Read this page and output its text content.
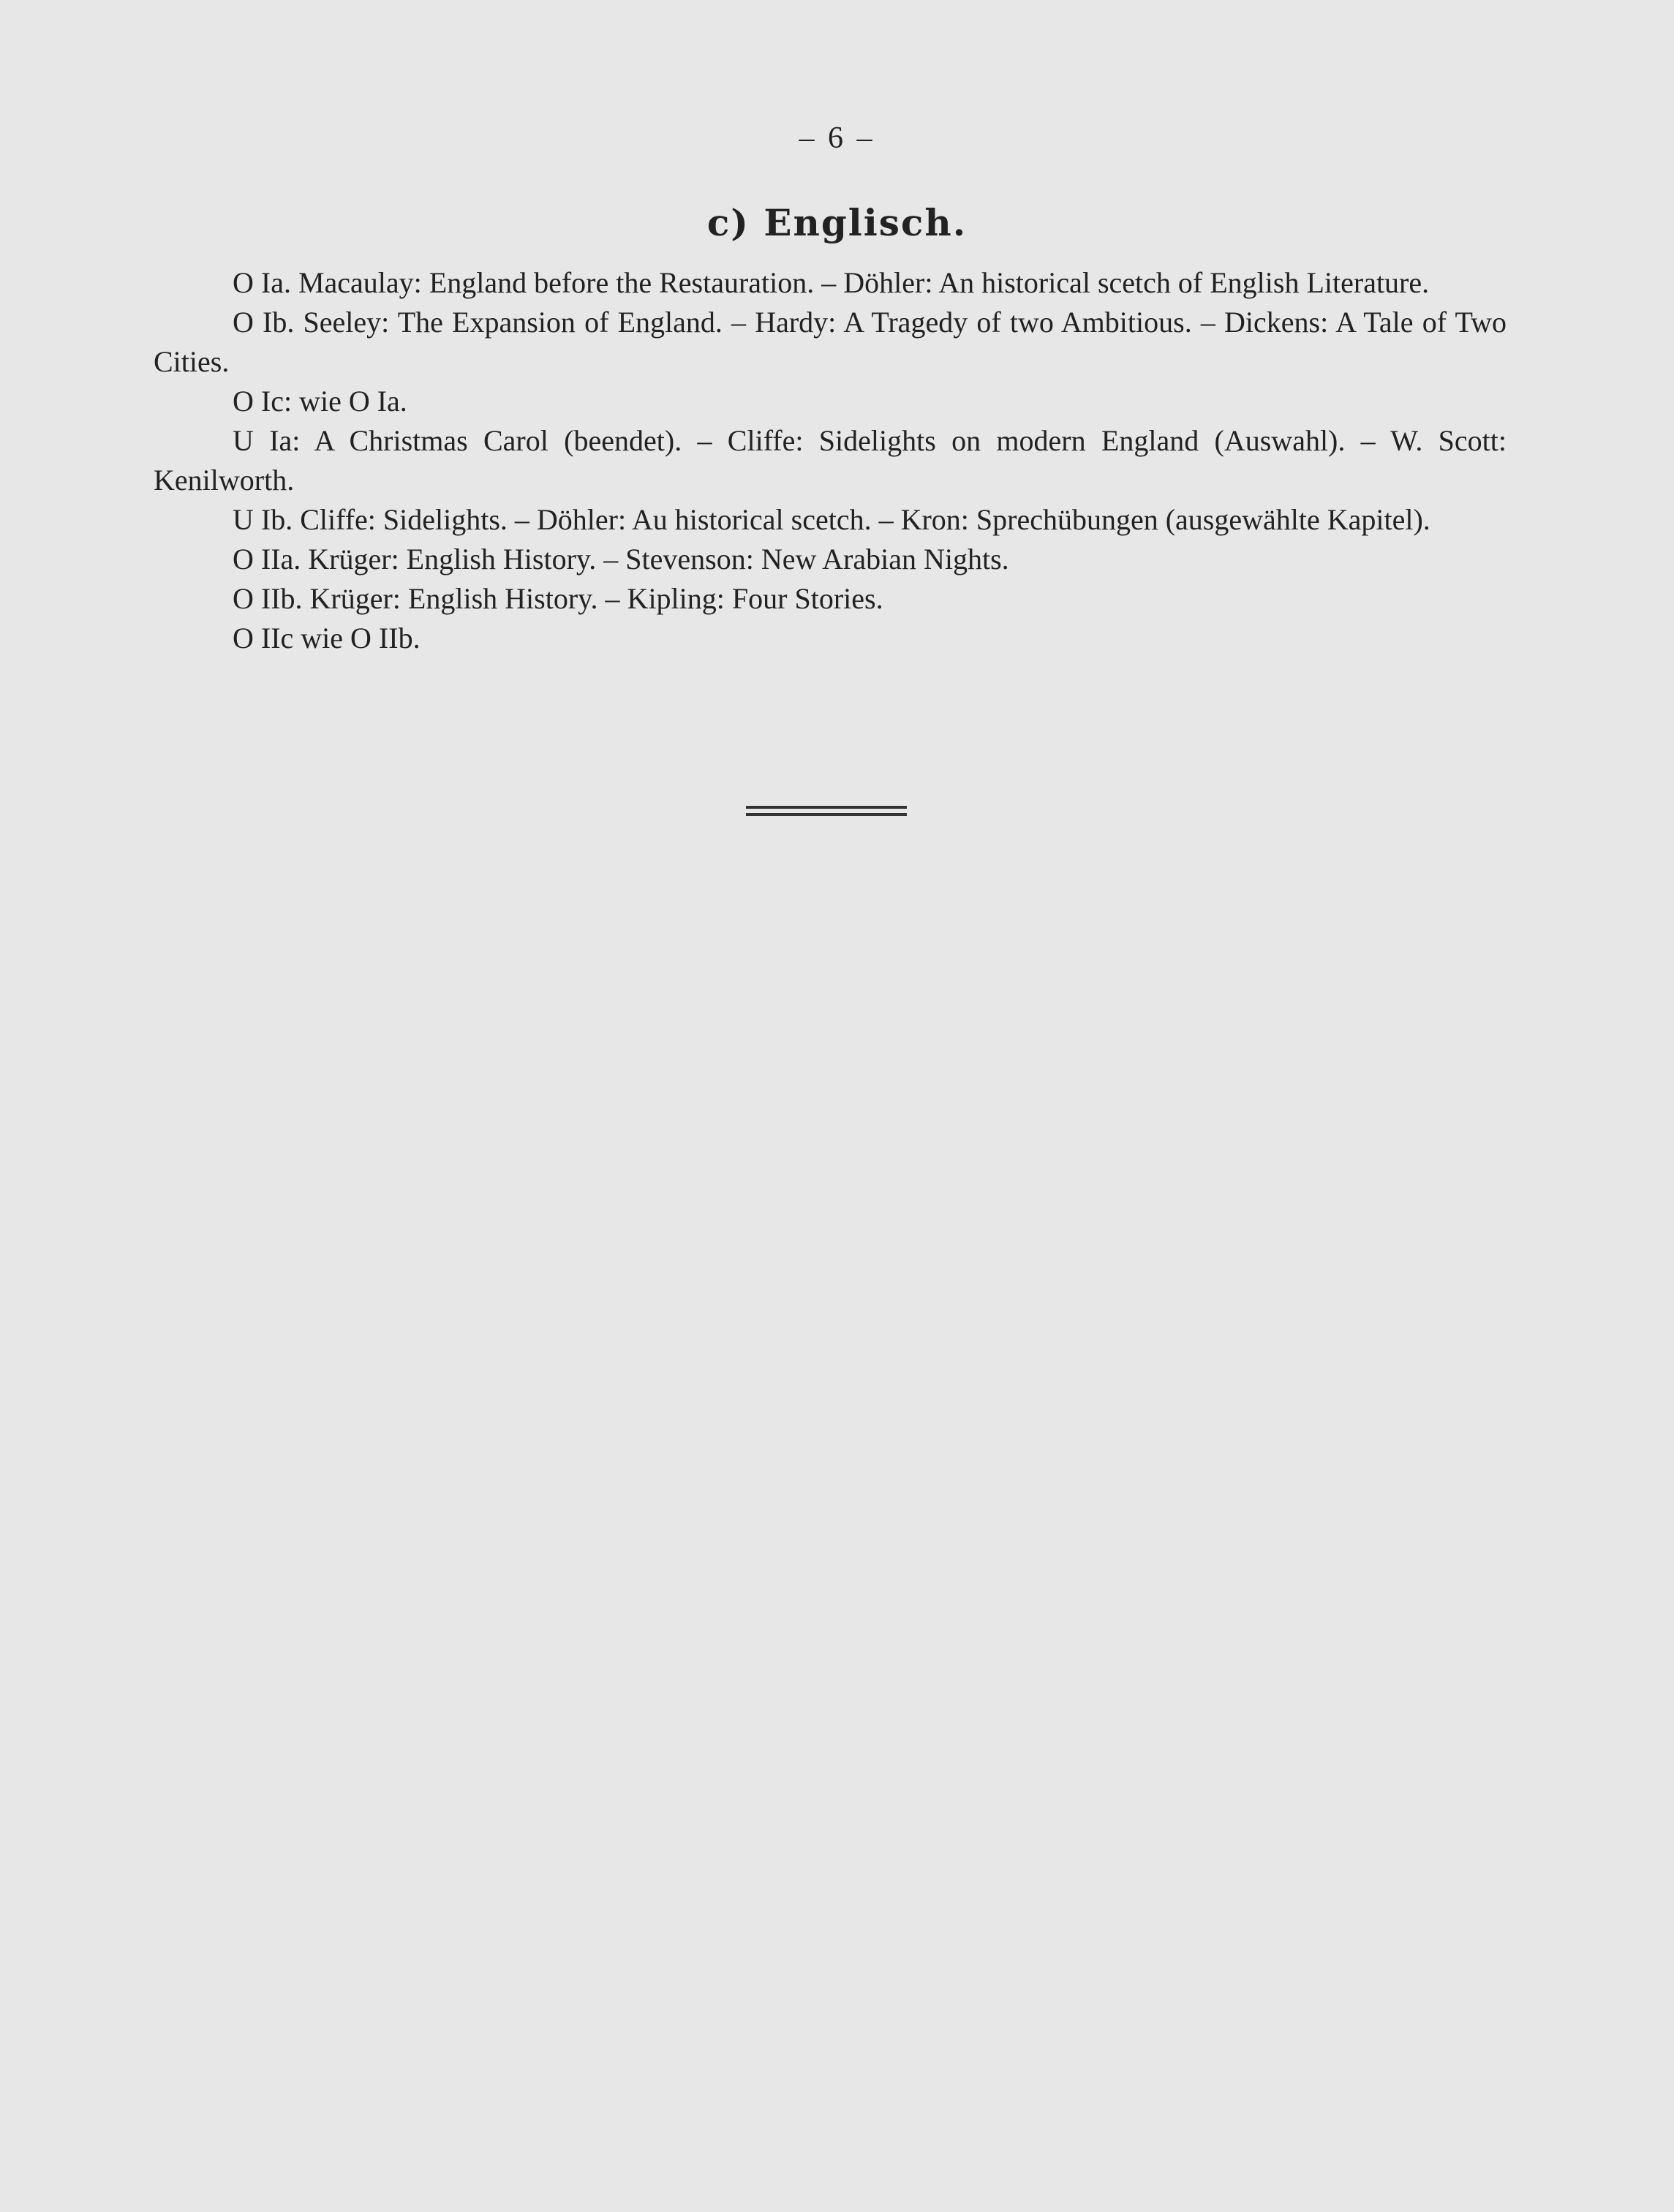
– 6 –
c) Englisch.

O Ia. Macaulay: England before the Restauration. – Döhler: An historical scetch of English Literature.

O Ib. Seeley: The Expansion of England. – Hardy: A Tragedy of two Ambitious. – Dickens: A Tale of Two Cities.

O Ic: wie O Ia.

U Ia: A Christmas Carol (beendet). – Cliffe: Sidelights on modern England (Auswahl). – W. Scott: Kenilworth.

U Ib. Cliffe: Sidelights. – Döhler: Au historical scetch. – Kron: Sprechübungen (ausgewählte Kapitel).

O IIa. Krüger: English History. – Stevenson: New Arabian Nights.

O IIb. Krüger: English History. – Kipling: Four Stories.

O IIc wie O IIb.
